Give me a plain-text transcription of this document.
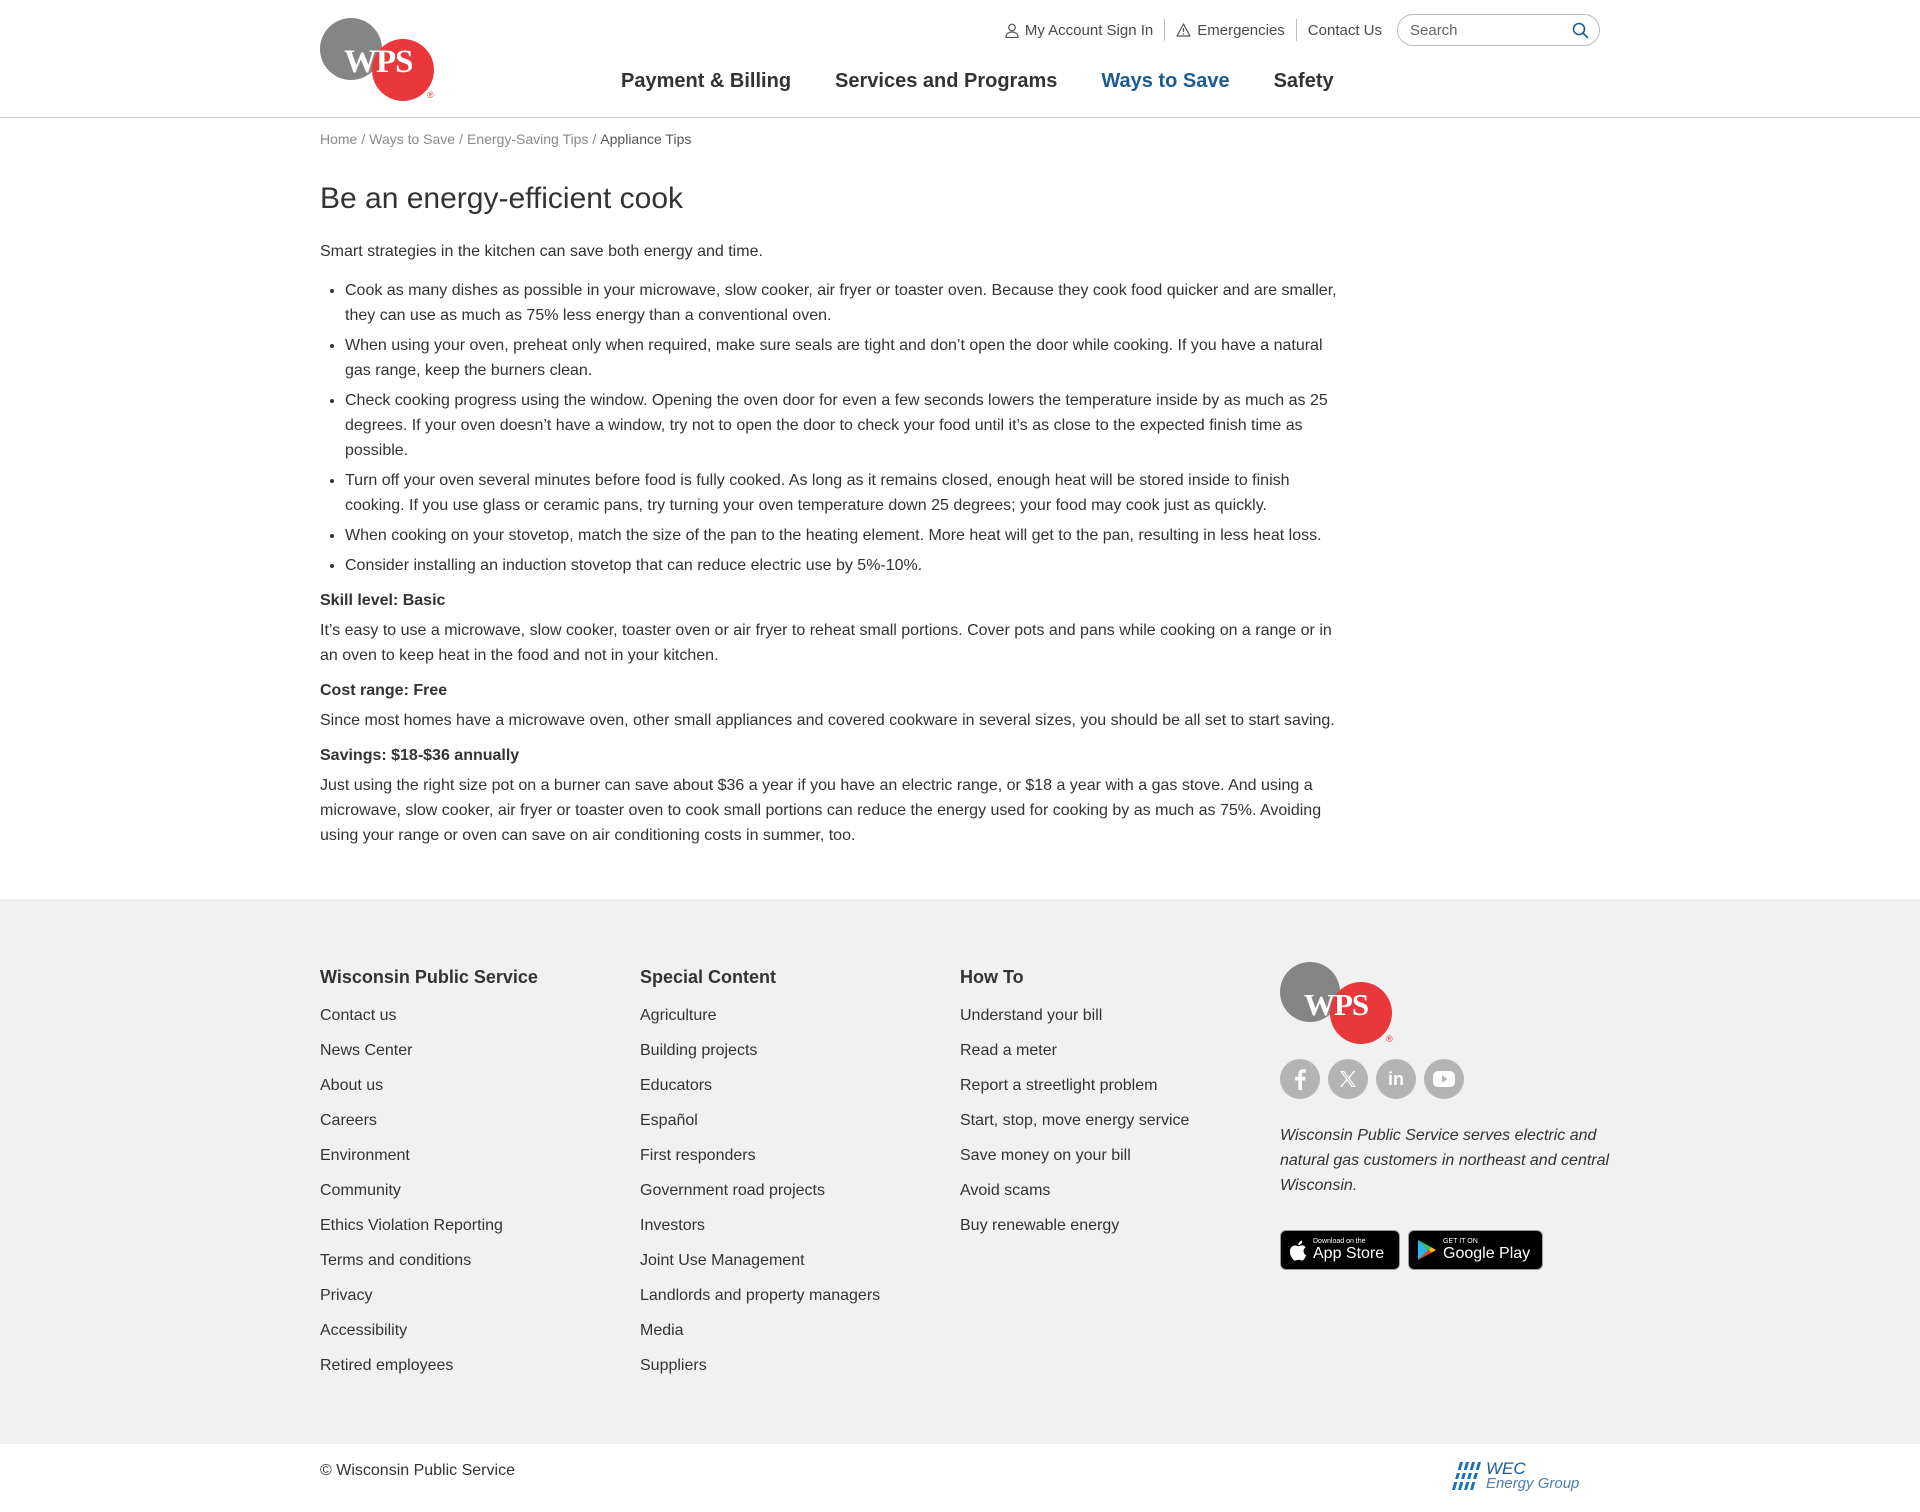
WPS
®
My Account Sign In	Emergencies Contact Us
Search
Payment & Billing Services and Programs Ways to Save Safety
Home / Ways to Save / Energy-Saving Tips / Appliance Tips
Be an energy-efficient cook

Smart strategies in the kitchen can save both energy and time.

• Cook as many dishes as possible in your microwave, slow cooker, air fryer or toaster oven. Because they cook food quicker and are smaller, they can use as much as 75% less energy than a conventional oven.
• When using your oven, preheat only when required, make sure seals are tight and don’t open the door while cooking. If you have a natural gas range, keep the burners clean.
• Check cooking progress using the window. Opening the oven door for even a few seconds lowers the temperature inside by as much as 25 degrees. If your oven doesn’t have a window, try not to open the door to check your food until it’s as close to the expected finish time as possible.
• Turn off your oven several minutes before food is fully cooked. As long as it remains closed, enough heat will be stored inside to finish cooking. If you use glass or ceramic pans, try turning your oven temperature down 25 degrees; your food may cook just as quickly.
• When cooking on your stovetop, match the size of the pan to the heating element. More heat will get to the pan, resulting in less heat loss.
• Consider installing an induction stovetop that can reduce electric use by 5%-10%.

Skill level: Basic

It’s easy to use a microwave, slow cooker, toaster oven or air fryer to reheat small portions. Cover pots and pans while cooking on a range or in an oven to keep heat in the food and not in your kitchen.

Cost range: Free

Since most homes have a microwave oven, other small appliances and covered cookware in several sizes, you should be all set to start saving.

Savings: $18-$36 annually

Just using the right size pot on a burner can save about $36 a year if you have an electric range, or $18 a year with a gas stove. And using a microwave, slow cooker, air fryer or toaster oven to cook small portions can reduce the energy used for cooking by as much as 75%. Avoiding using your range or oven can save on air conditioning costs in summer, too.

Wisconsin Public Service
Contact us
News Center
About us
Careers
Environment
Community
Ethics Violation Reporting
Terms and conditions
Privacy
Accessibility
Retired employees
Special Content
Agriculture
Building projects
Educators
Español
First responders
Government road projects
Investors
Joint Use Management
Landlords and property managers
Media
Suppliers
How To
Understand your bill
Read a meter
Report a streetlight problem
Start, stop, move energy service
Save money on your bill
Avoid scams
Buy renewable energy
WPS
®
in

Wisconsin Public Service serves electric and natural gas customers in northeast and central Wisconsin.

Download on the
App Store
GET IT ON
Google Play
© Wisconsin Public Service	WEC
Energy Group
